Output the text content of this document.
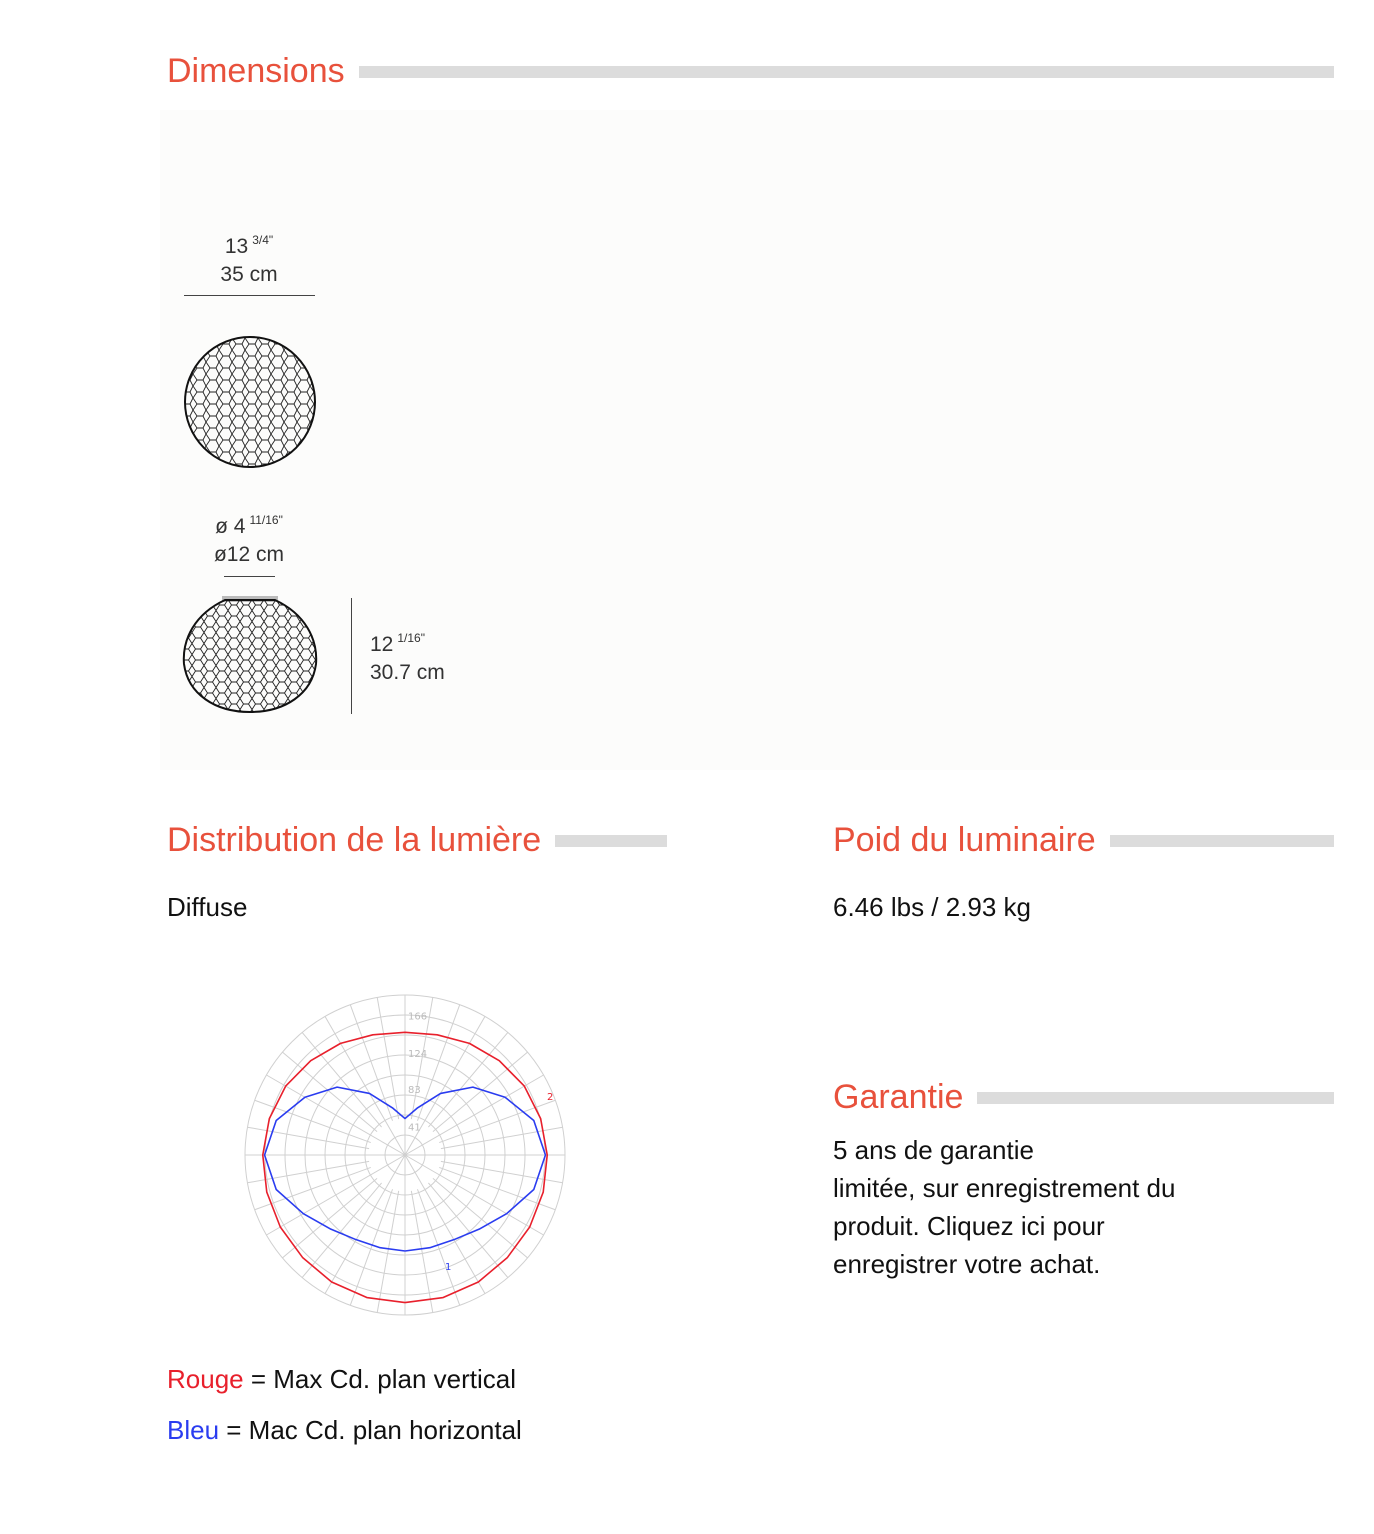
Dimensions
13 $^{3/4"}$
35 cm
ø 4 $^{11/16"}$
ø12 cm
12 $^{1/16"}$
30.7 cm
Distribution de la lumière
Diffuse
Poid du luminaire
6.46 lbs / 2.93 kg
Garantie
5 ans de garantie
limitée, sur enregistrement du
produit. Cliquez ici pour
enregistrer votre achat.
41
83
124
166
1
2
Rouge = Max Cd. plan vertical
Bleu = Mac Cd. plan horizontal
